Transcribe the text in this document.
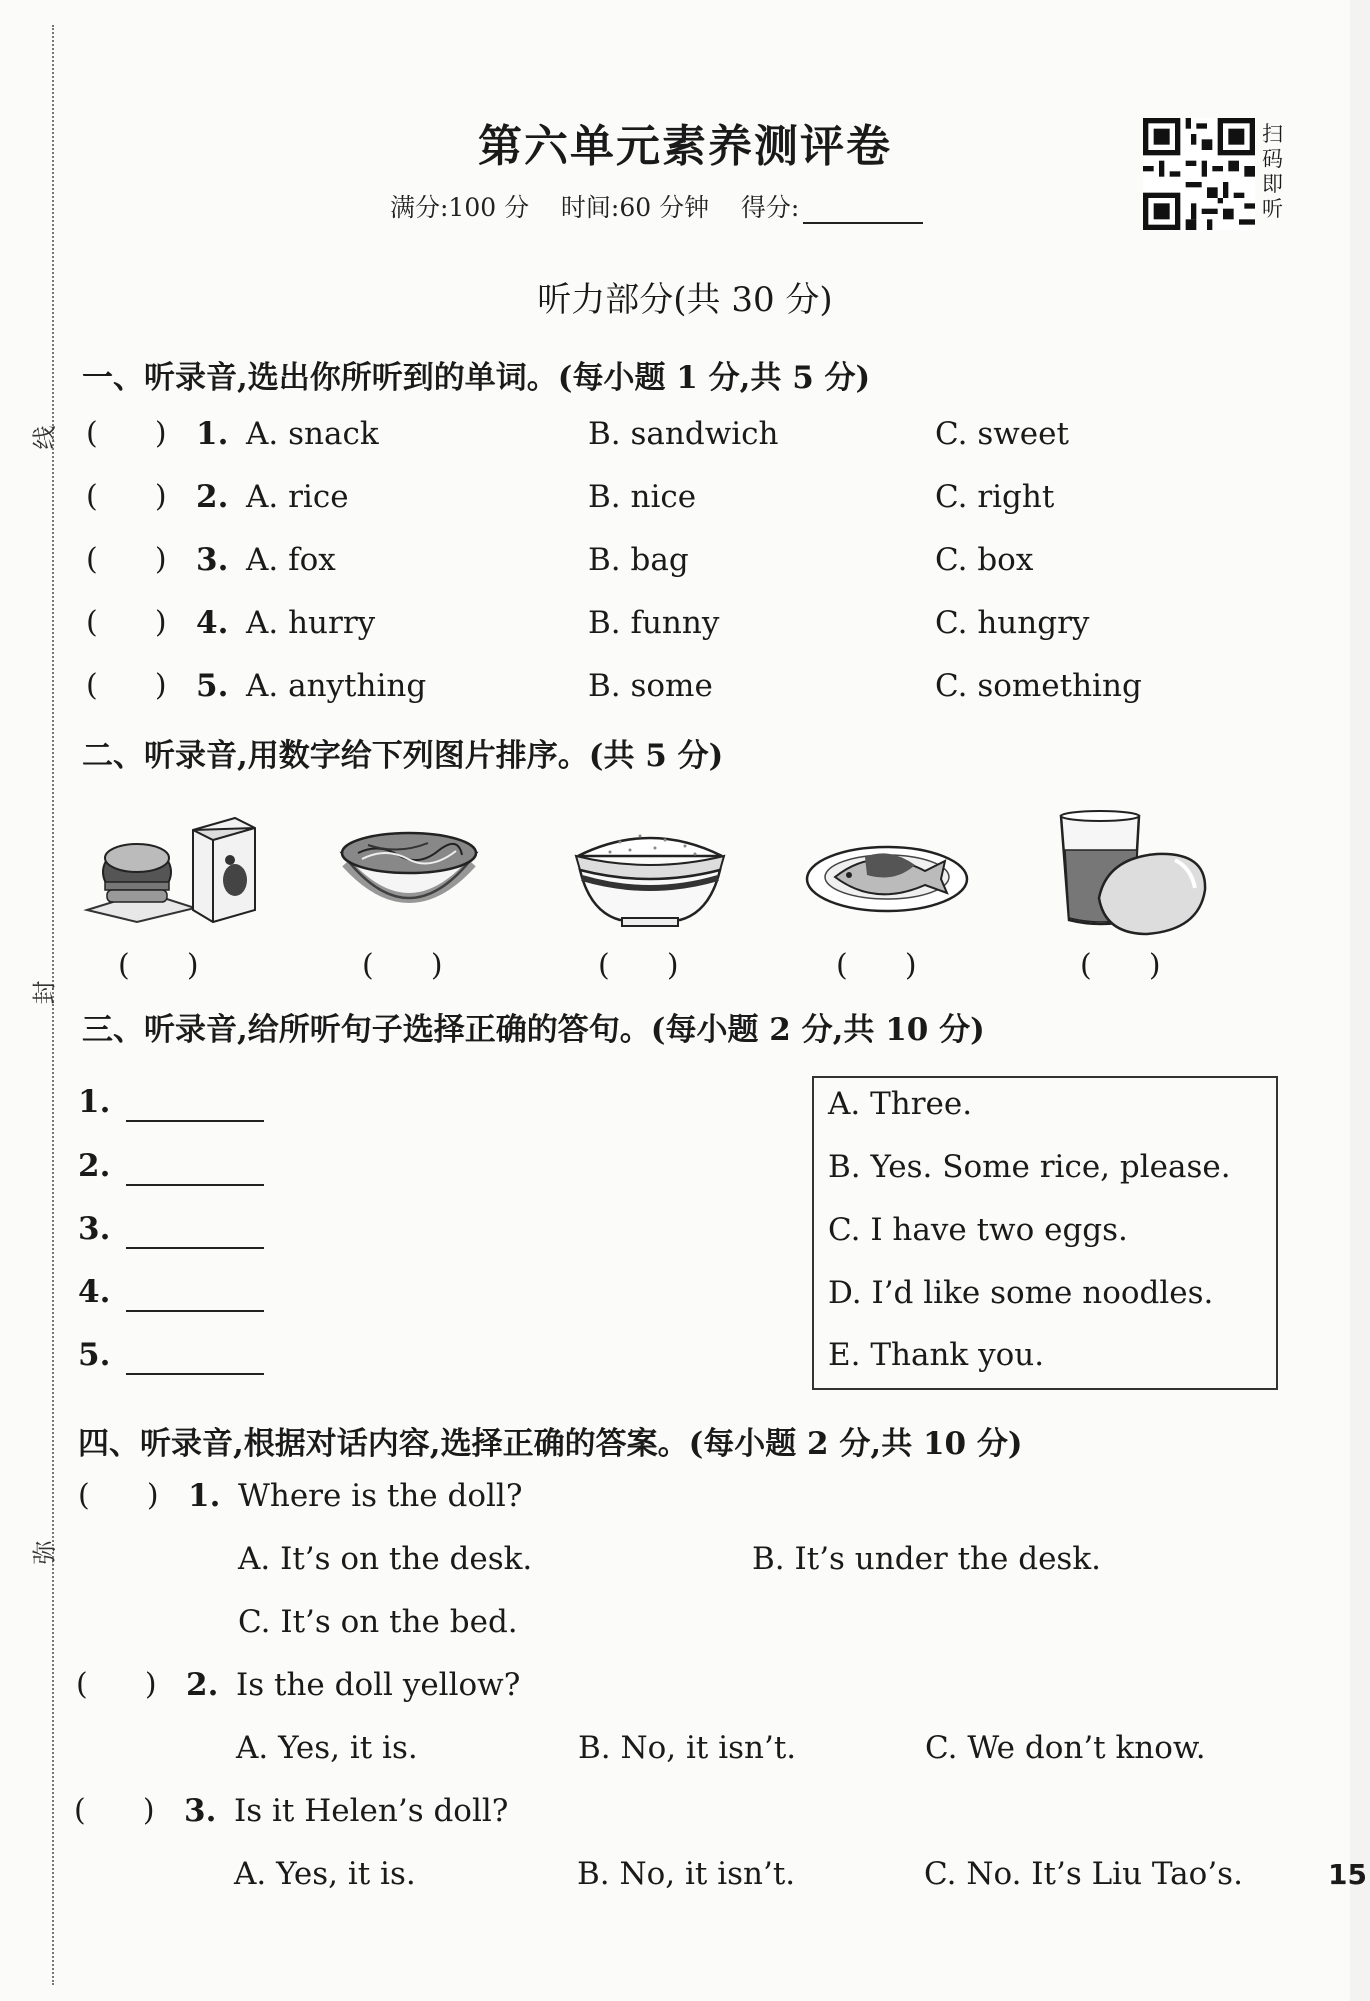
线
封
弥
第六单元素养测评卷
满分:100 分 时间:60 分钟 得分:
扫码即听
听力部分(共 30 分)
一、听录音,选出你所听到的单词。(每小题 1 分,共 5 分)
(      ) 1. A. snack	B. sandwich	C. sweet
(      ) 2. A. rice	B. nice	C. right
(      ) 3. A. fox	B. bag	C. box
(      ) 4. A. hurry	B. funny	C. hungry
(      ) 5. A. anything	B. some	C. something
二、听录音,用数字给下列图片排序。(共 5 分)
(      )	(      )	(      )	(      )	(      )
三、听录音,给所听句子选择正确的答句。(每小题 2 分,共 10 分)
1.
2.
3.
4.
5.
A. Three.
B. Yes. Some rice, please.
C. I have two eggs.
D. I’d like some noodles.
E. Thank you.
四、听录音,根据对话内容,选择正确的答案。(每小题 2 分,共 10 分)
(      ) 1. Where is the doll?
A. It’s on the desk.	B. It’s under the desk.
C. It’s on the bed.
(      ) 2. Is the doll yellow?
A. Yes, it is.	B. No, it isn’t.	C. We don’t know.
(      ) 3. Is it Helen’s doll?
A. Yes, it is.	B. No, it isn’t.	C. No. It’s Liu Tao’s.	15
